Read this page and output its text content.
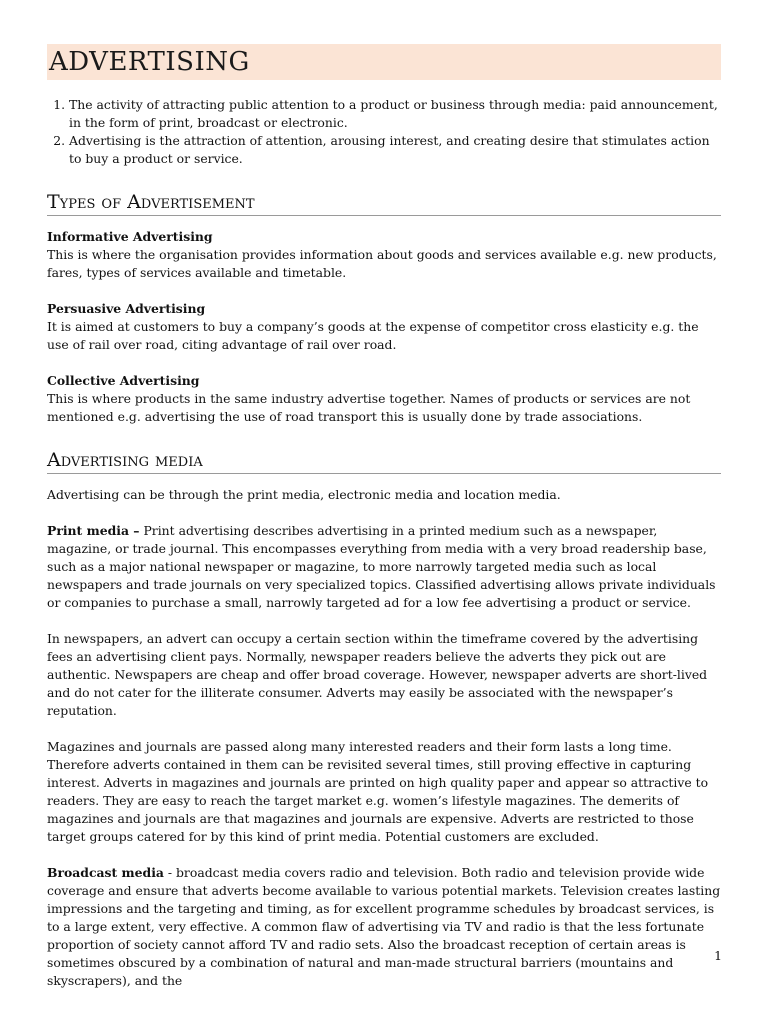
ADVERTISING
1. The activity of attracting public attention to a product or business through media: paid announcement, in the form of print, broadcast or electronic.
2. Advertising is the attraction of attention, arousing interest, and creating desire that stimulates action to buy a product or service.
Types of Advertisement
Informative Advertising
This is where the organisation provides information about goods and services available e.g. new products, fares, types of services available and timetable.
Persuasive Advertising
It is aimed at customers to buy a company’s goods at the expense of competitor cross elasticity e.g. the use of rail over road, citing advantage of rail over road.
Collective Advertising
This is where products in the same industry advertise together. Names of products or services are not mentioned e.g. advertising the use of road transport this is usually done by trade associations.
Advertising media
Advertising can be through the print media, electronic media and location media.
Print media – Print advertising describes advertising in a printed medium such as a newspaper, magazine, or trade journal. This encompasses everything from media with a very broad readership base, such as a major national newspaper or magazine, to more narrowly targeted media such as local newspapers and trade journals on very specialized topics. Classified advertising allows private individuals or companies to purchase a small, narrowly targeted ad for a low fee advertising a product or service.
In newspapers, an advert can occupy a certain section within the timeframe covered by the advertising fees an advertising client pays. Normally, newspaper readers believe the adverts they pick out are authentic. Newspapers are cheap and offer broad coverage. However, newspaper adverts are short-lived and do not cater for the illiterate consumer. Adverts may easily be associated with the newspaper’s reputation.
Magazines and journals are passed along many interested readers and their form lasts a long time. Therefore adverts contained in them can be revisited several times, still proving effective in capturing interest. Adverts in magazines and journals are printed on high quality paper and appear so attractive to readers. They are easy to reach the target market e.g. women’s lifestyle magazines. The demerits of magazines and journals are that magazines and journals are expensive. Adverts are restricted to those target groups catered for by this kind of print media. Potential customers are excluded.
Broadcast media - broadcast media covers radio and television. Both radio and television provide wide coverage and ensure that adverts become available to various potential markets. Television creates lasting impressions and the targeting and timing, as for excellent programme schedules by broadcast services, is to a large extent, very effective. A common flaw of advertising via TV and radio is that the less fortunate proportion of society cannot afford TV and radio sets. Also the broadcast reception of certain areas is sometimes obscured by a combination of natural and man-made structural barriers (mountains and skyscrapers), and the
1
